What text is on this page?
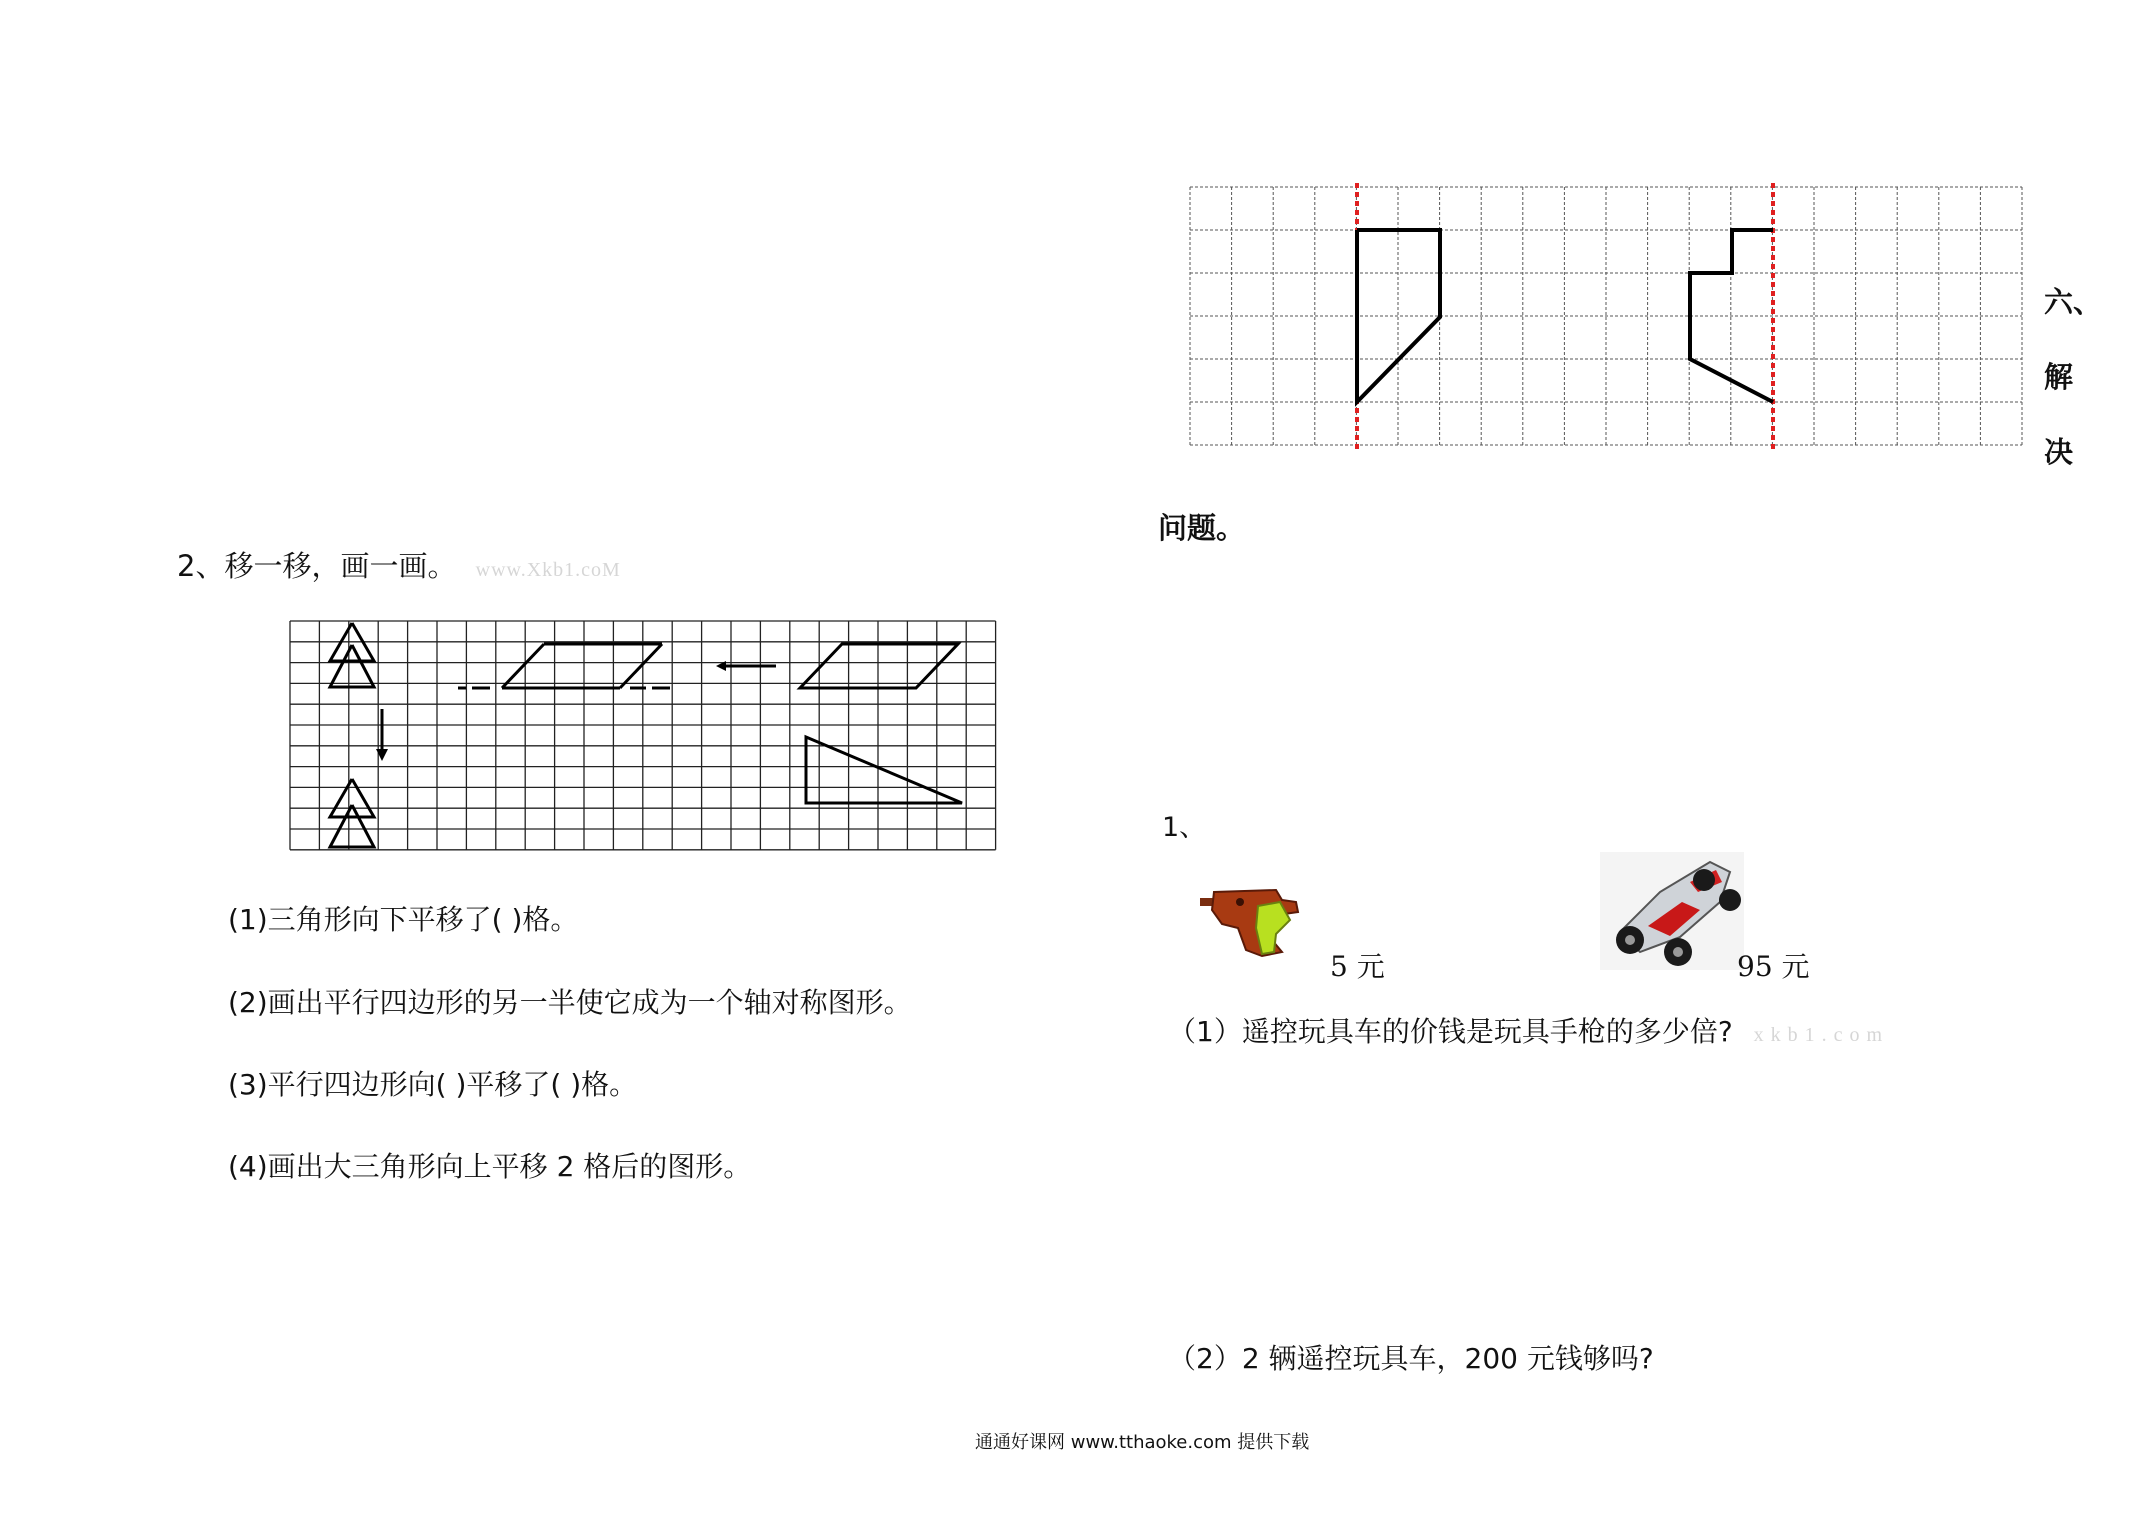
六、
解
决
问题。
2、移一移，画一画。 www.Xkb1.coM
(1)三角形向下平移了( )格。
(2)画出平行四边形的另一半使它成为一个轴对称图形。
(3)平行四边形向( )平移了( )格。
(4)画出大三角形向上平移 2 格后的图形。
1、
5 元	95 元
（1）遥控玩具车的价钱是玩具手枪的多少倍? x k b 1 . c o m
（2）2 辆遥控玩具车，200 元钱够吗?
通通好课网 www.tthaoke.com 提供下载
